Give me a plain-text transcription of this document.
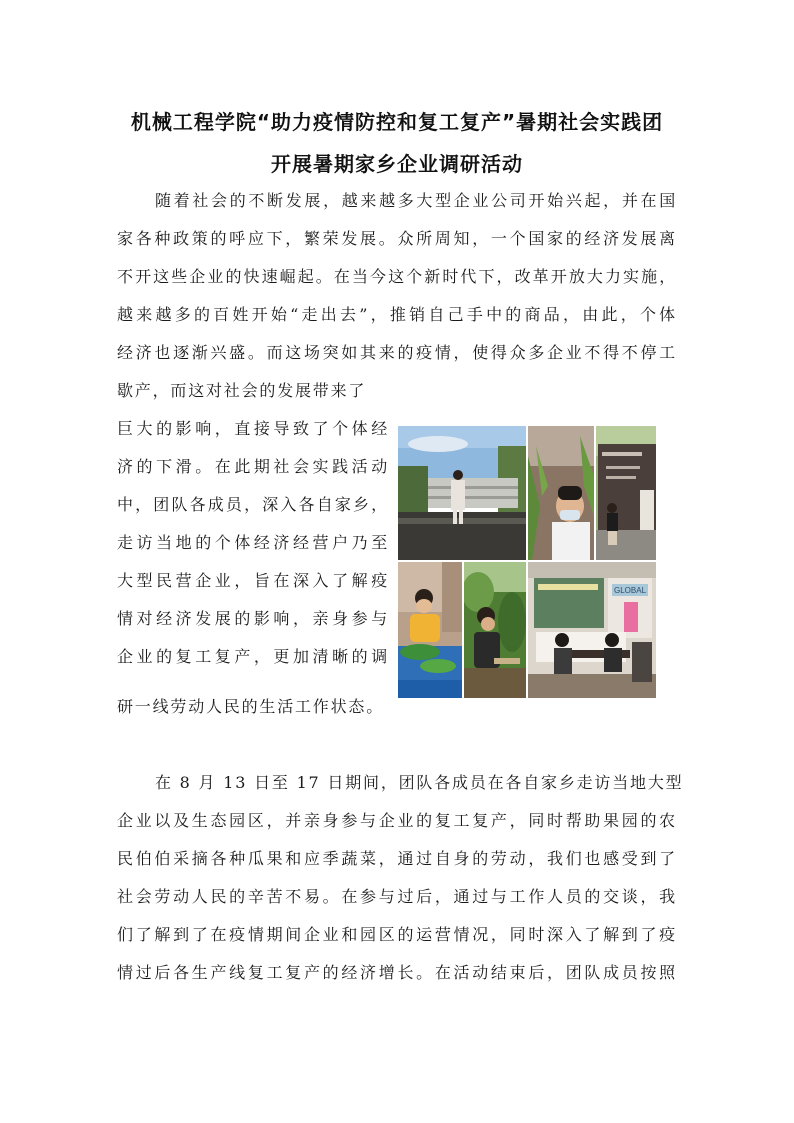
机械工程学院“助力疫情防控和复工复产”暑期社会实践团
开展暑期家乡企业调研活动
随着社会的不断发展，越来越多大型企业公司开始兴起，并在国
家各种政策的呼应下，繁荣发展。众所周知，一个国家的经济发展离
不开这些企业的快速崛起。在当今这个新时代下，改革开放大力实施，
越来越多的百姓开始“走出去”，推销自己手中的商品，由此，个体
经济也逐渐兴盛。而这场突如其来的疫情，使得众多企业不得不停工
歇产，而这对社会的发展带来了
巨大的影响，直接导致了个体经
济的下滑。在此期社会实践活动
中，团队各成员，深入各自家乡，
走访当地的个体经济经营户乃至
大型民营企业，旨在深入了解疫
情对经济发展的影响，亲身参与
企业的复工复产，更加清晰的调
研一线劳动人民的生活工作状态。
GLOBAL
在 8 月 13 日至 17 日期间，团队各成员在各自家乡走访当地大型
企业以及生态园区，并亲身参与企业的复工复产，同时帮助果园的农
民伯伯采摘各种瓜果和应季蔬菜，通过自身的劳动，我们也感受到了
社会劳动人民的辛苦不易。在参与过后，通过与工作人员的交谈，我
们了解到了在疫情期间企业和园区的运营情况，同时深入了解到了疫
情过后各生产线复工复产的经济增长。在活动结束后，团队成员按照
